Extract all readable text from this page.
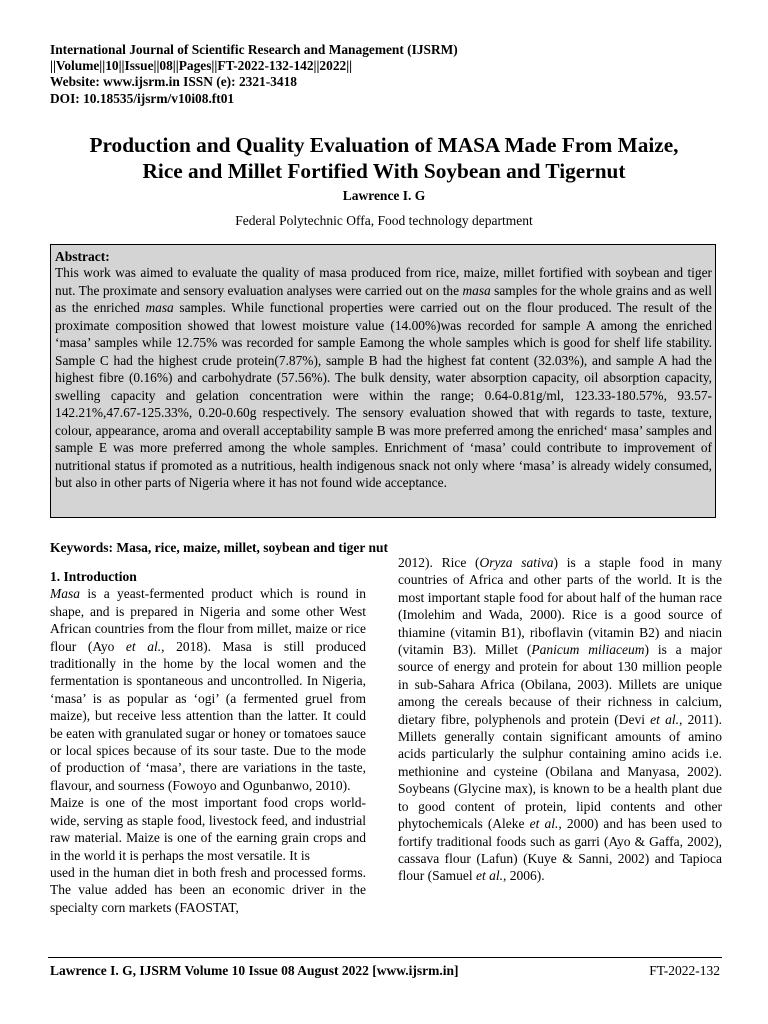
International Journal of Scientific Research and Management (IJSRM)
||Volume||10||Issue||08||Pages||FT-2022-132-142||2022||
Website: www.ijsrm.in ISSN (e): 2321-3418
DOI: 10.18535/ijsrm/v10i08.ft01
Production and Quality Evaluation of MASA Made From Maize,
Rice and Millet Fortified With Soybean and Tigernut
Lawrence I. G
Federal Polytechnic Offa, Food technology department
Abstract:
This work was aimed to evaluate the quality of masa produced from rice, maize, millet fortified with soybean and tiger nut. The proximate and sensory evaluation analyses were carried out on the masa samples for the whole grains and as well as the enriched masa samples. While functional properties were carried out on the flour produced. The result of the proximate composition showed that lowest moisture value (14.00%)was recorded for sample A among the enriched ‘masa’ samples while 12.75% was recorded for sample Eamong the whole samples which is good for shelf life stability. Sample C had the highest crude protein(7.87%), sample B had the highest fat content (32.03%), and sample A had the highest fibre (0.16%) and carbohydrate (57.56%). The bulk density, water absorption capacity, oil absorption capacity, swelling capacity and gelation concentration were within the range; 0.64-0.81g/ml, 123.33-180.57%, 93.57-142.21%,47.67-125.33%, 0.20-0.60g respectively. The sensory evaluation showed that with regards to taste, texture, colour, appearance, aroma and overall acceptability sample B was more preferred among the enriched‘ masa’ samples and sample E was more preferred among the whole samples. Enrichment of ‘masa’ could contribute to improvement of nutritional status if promoted as a nutritious, health indigenous snack not only where ‘masa’ is already widely consumed, but also in other parts of Nigeria where it has not found wide acceptance.
Keywords: Masa, rice, maize, millet, soybean and tiger nut

1. Introduction

Masa is a yeast-fermented product which is round in shape, and is prepared in Nigeria and some other West African countries from the flour from millet, maize or rice flour (Ayo et al., 2018). Masa is still produced traditionally in the home by the local women and the fermentation is spontaneous and uncontrolled. In Nigeria, ‘masa’ is as popular as ‘ogi’ (a fermented gruel from maize), but receive less attention than the latter. It could be eaten with granulated sugar or honey or tomatoes sauce or local spices because of its sour taste. Due to the mode of production of ‘masa’, there are variations in the taste, flavour, and sourness (Fowoyo and Ogunbanwo, 2010).

Maize is one of the most important food crops world-wide, serving as staple food, livestock feed, and industrial raw material. Maize is one of the earning grain crops and in the world it is perhaps the most versatile. It is

used in the human diet in both fresh and processed forms. The value added has been an economic driver in the specialty corn markets (FAOSTAT,

2012). Rice (Oryza sativa) is a staple food in many countries of Africa and other parts of the world. It is the most important staple food for about half of the human race (Imolehim and Wada, 2000). Rice is a good source of thiamine (vitamin B1), riboflavin (vitamin B2) and niacin (vitamin B3). Millet (Panicum miliaceum) is a major source of energy and protein for about 130 million people in sub-Sahara Africa (Obilana, 2003). Millets are unique among the cereals because of their richness in calcium, dietary fibre, polyphenols and protein (Devi et al., 2011). Millets generally contain significant amounts of amino acids particularly the sulphur containing amino acids i.e. methionine and cysteine (Obilana and Manyasa, 2002). Soybeans (Glycine max), is known to be a health plant due to good content of protein, lipid contents and other phytochemicals (Aleke et al., 2000) and has been used to fortify traditional foods such as garri (Ayo & Gaffa, 2002), cassava flour (Lafun) (Kuye & Sanni, 2002) and Tapioca flour (Samuel et al., 2006).

Lawrence I. G, IJSRM Volume 10 Issue 08 August 2022 [www.ijsrm.in]	FT-2022-132
